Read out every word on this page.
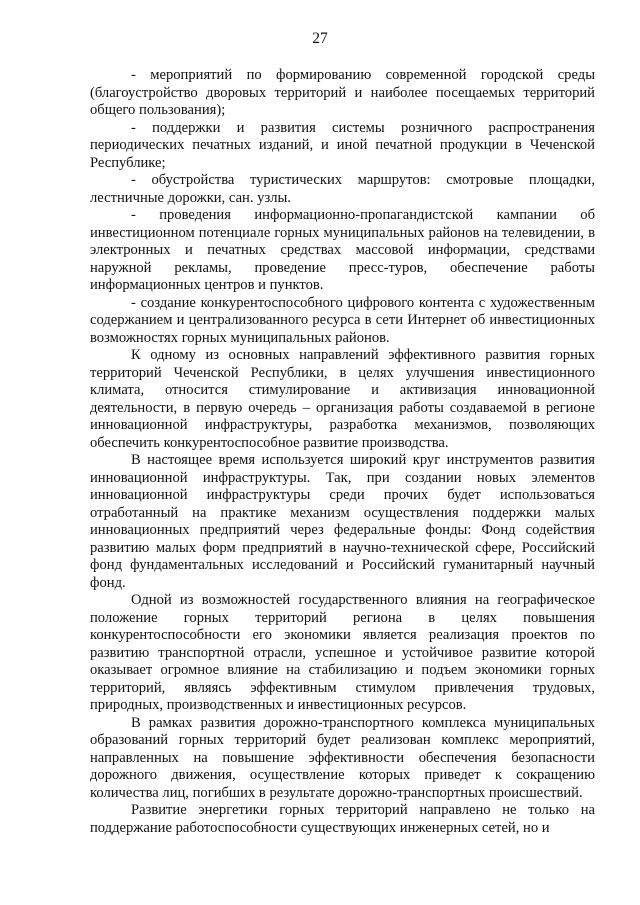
27

- мероприятий по формированию современной городской среды (благоустройство дворовых территорий и наиболее посещаемых территорий общего пользования);

- поддержки и развития системы розничного распространения периодических печатных изданий, и иной печатной продукции в Чеченской Республике;

- обустройства туристических маршрутов: смотровые площадки, лестничные дорожки, сан. узлы.

- проведения информационно-пропагандистской кампании об инвестиционном потенциале горных муниципальных районов на телевидении, в электронных и печатных средствах массовой информации, средствами наружной рекламы, проведение пресс-туров, обеспечение работы информационных центров и пунктов.

- создание конкурентоспособного цифрового контента с художественным содержанием и централизованного ресурса в сети Интернет об инвестиционных возможностях горных муниципальных районов.

К одному из основных направлений эффективного развития горных территорий Чеченской Республики, в целях улучшения инвестиционного климата, относится стимулирование и активизация инновационной деятельности, в первую очередь – организация работы создаваемой в регионе инновационной инфраструктуры, разработка механизмов, позволяющих обеспечить конкурентоспособное развитие производства.

В настоящее время используется широкий круг инструментов развития инновационной инфраструктуры. Так, при создании новых элементов инновационной инфраструктуры среди прочих будет использоваться отработанный на практике механизм осуществления поддержки малых инновационных предприятий через федеральные фонды: Фонд содействия развитию малых форм предприятий в научно-технической сфере, Российский фонд фундаментальных исследований и Российский гуманитарный научный фонд.

Одной из возможностей государственного влияния на географическое положение горных территорий региона в целях повышения конкурентоспособности его экономики является реализация проектов по развитию транспортной отрасли, успешное и устойчивое развитие которой оказывает огромное влияние на стабилизацию и подъем экономики горных территорий, являясь эффективным стимулом привлечения трудовых, природных, производственных и инвестиционных ресурсов.

В рамках развития дорожно-транспортного комплекса муниципальных образований горных территорий будет реализован комплекс мероприятий, направленных на повышение эффективности обеспечения безопасности дорожного движения, осуществление которых приведет к сокращению количества лиц, погибших в результате дорожно-транспортных происшествий.

Развитие энергетики горных территорий направлено не только на поддержание работоспособности существующих инженерных сетей, но и
